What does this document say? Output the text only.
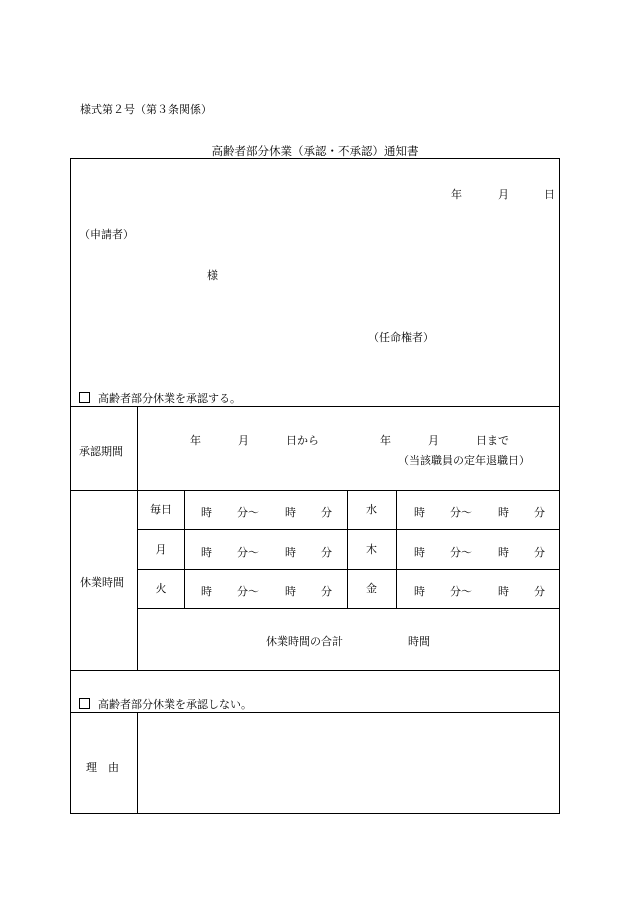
様式第２号（第３条関係）
高齢者部分休業（承認・不承認）通知書
年	月	日
（申請者）
様
（任命権者）
高齢者部分休業を承認する。
承認期間
年	月	日から	年	月	日まで
（当該職員の定年退職日）
休業時間
毎日	時 分～ 時 分	水	時 分～ 時 分
月	時 分～ 時 分	木	時 分～ 時 分
火	時 分～ 時 分	金	時 分～ 時 分
休業時間の合計	時間
高齢者部分休業を承認しない。
理　由
